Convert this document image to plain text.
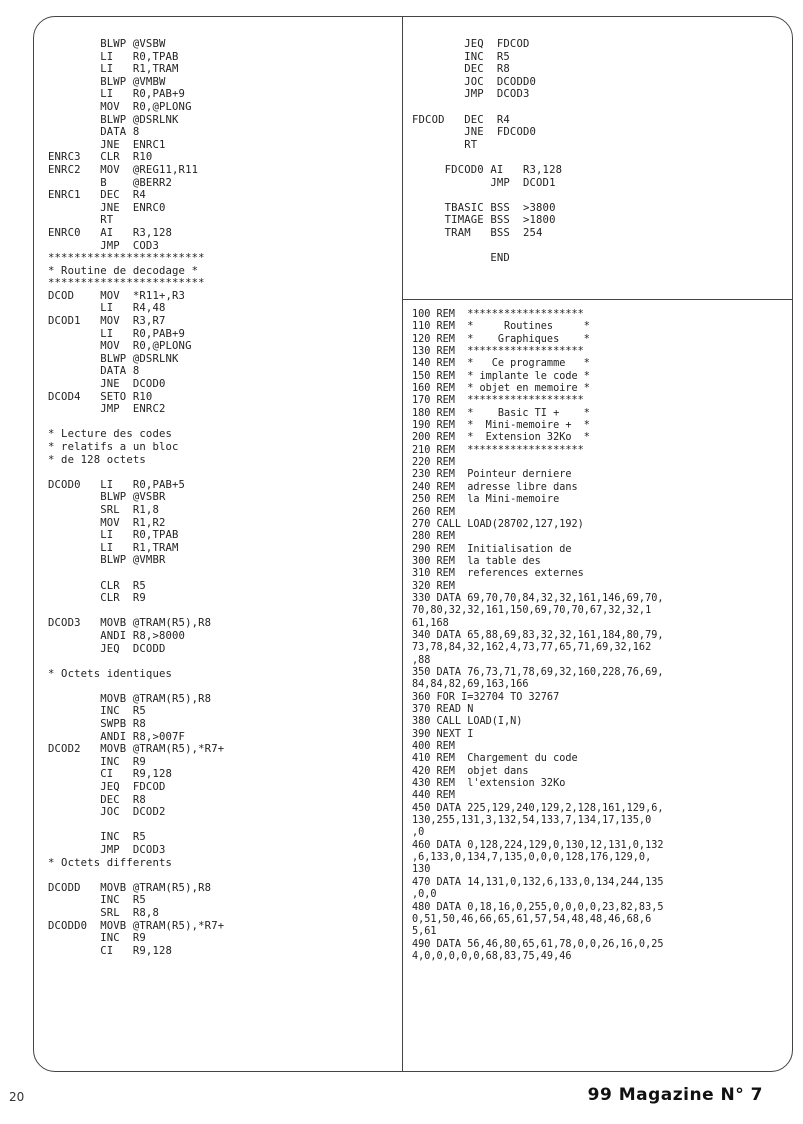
BLWP @VSBW
LI   R0,TPAB
LI   R1,TRAM
BLWP @VMBW
LI   R0,PAB+9
MOV  R0,@PLONG
BLWP @DSRLNK
DATA 8
JNE  ENRC1
ENRC3   CLR  R10
ENRC2   MOV  @REG11,R11
B    @BERR2
ENRC1   DEC  R4
JNE  ENRC0
RT
ENRC0   AI   R3,128
JMP  COD3
************************
* Routine de decodage *
************************
DCOD    MOV  *R11+,R3
LI   R4,48
DCOD1   MOV  R3,R7
LI   R0,PAB+9
MOV  R0,@PLONG
BLWP @DSRLNK
DATA 8
JNE  DCOD0
DCOD4   SETO R10
JMP  ENRC2

* Lecture des codes
* relatifs a un bloc
* de 128 octets

DCOD0   LI   R0,PAB+5
BLWP @VSBR
SRL  R1,8
MOV  R1,R2
LI   R0,TPAB
LI   R1,TRAM
BLWP @VMBR

CLR  R5
CLR  R9

DCOD3   MOVB @TRAM(R5),R8
ANDI R8,>8000
JEQ  DCODD

* Octets identiques

MOVB @TRAM(R5),R8
INC  R5
SWPB R8
ANDI R8,>007F
DCOD2   MOVB @TRAM(R5),*R7+
INC  R9
CI   R9,128
JEQ  FDCOD
DEC  R8
JOC  DCOD2

INC  R5
JMP  DCOD3
* Octets differents

DCODD   MOVB @TRAM(R5),R8
INC  R5
SRL  R8,8
DCODD0  MOVB @TRAM(R5),*R7+
INC  R9
CI   R9,128
JEQ  FDCOD
INC  R5
DEC  R8
JOC  DCODD0
JMP  DCOD3

FDCOD   DEC  R4
JNE  FDCOD0
RT

FDCOD0 AI   R3,128
JMP  DCOD1

TBASIC BSS  >3800
TIMAGE BSS  >1800
TRAM   BSS  254

END
100 REM  *******************
110 REM  *     Routines     *
120 REM  *    Graphiques    *
130 REM  *******************
140 REM  *   Ce programme   *
150 REM  * implante le code *
160 REM  * objet en memoire *
170 REM  *******************
180 REM  *    Basic TI +    *
190 REM  *  Mini-memoire +  *
200 REM  *  Extension 32Ko  *
210 REM  *******************
220 REM
230 REM  Pointeur derniere
240 REM  adresse libre dans
250 REM  la Mini-memoire
260 REM
270 CALL LOAD(28702,127,192)
280 REM
290 REM  Initialisation de
300 REM  la table des
310 REM  references externes
320 REM
330 DATA 69,70,70,84,32,32,161,146,69,70,
70,80,32,32,161,150,69,70,70,67,32,32,1
61,168
340 DATA 65,88,69,83,32,32,161,184,80,79,
73,78,84,32,162,4,73,77,65,71,69,32,162
,88
350 DATA 76,73,71,78,69,32,160,228,76,69,
84,84,82,69,163,166
360 FOR I=32704 TO 32767
370 READ N
380 CALL LOAD(I,N)
390 NEXT I
400 REM
410 REM  Chargement du code
420 REM  objet dans
430 REM  l'extension 32Ko
440 REM
450 DATA 225,129,240,129,2,128,161,129,6,
130,255,131,3,132,54,133,7,134,17,135,0
,0
460 DATA 0,128,224,129,0,130,12,131,0,132
,6,133,0,134,7,135,0,0,0,128,176,129,0,
130
470 DATA 14,131,0,132,6,133,0,134,244,135
,0,0
480 DATA 0,18,16,0,255,0,0,0,0,23,82,83,5
0,51,50,46,66,65,61,57,54,48,48,46,68,6
5,61
490 DATA 56,46,80,65,61,78,0,0,26,16,0,25
4,0,0,0,0,0,68,83,75,49,46
20	99 Magazine N° 7
